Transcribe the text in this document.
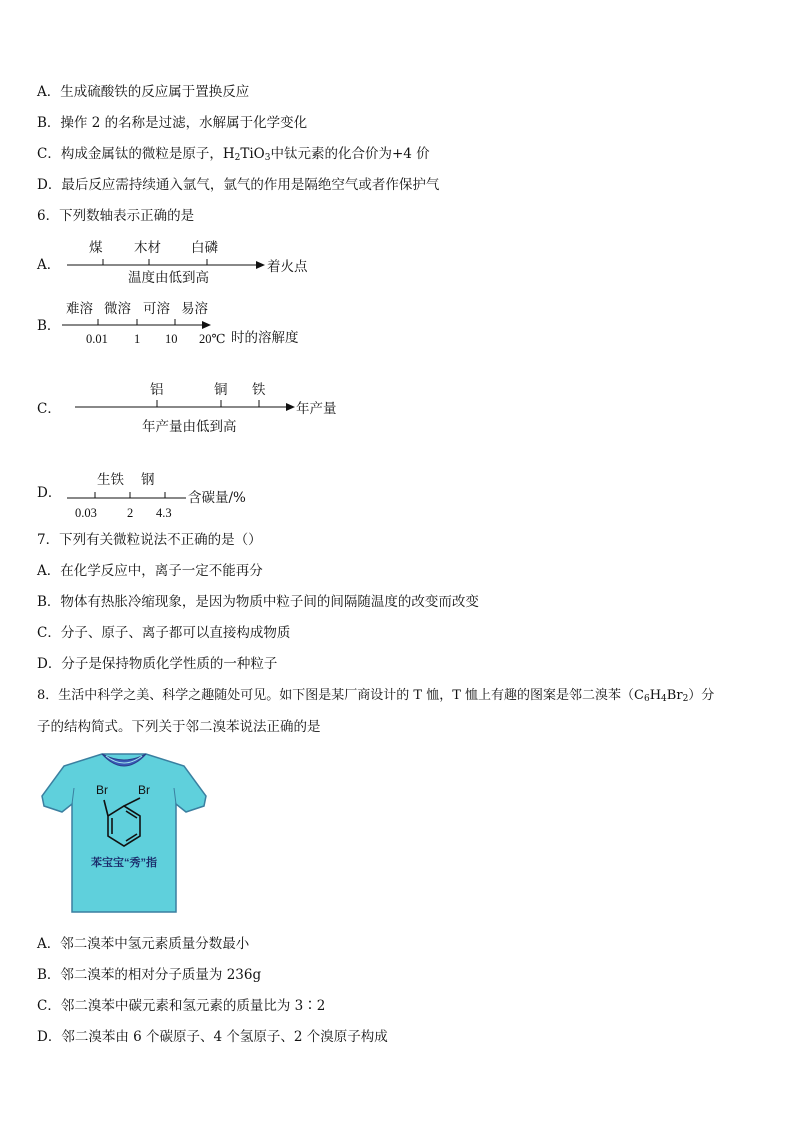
A．生成硫酸铁的反应属于置换反应
B．操作 2 的名称是过滤，水解属于化学变化
C．构成金属钛的微粒是原子，$H_2TiO_3$中钛元素的化合价为+4 价
D．最后反应需持续通入氩气，氩气的作用是隔绝空气或者作保护气
6．下列数轴表示正确的是
A．
煤 木材 白磷
温度由低到高
着火点
B．
难溶 微溶 可溶 易溶
0.01 1 10 20℃ 时的溶解度
C．
铝	铜 铁
年产量
年产量由低到高
D．
生铁 钢
含碳量/%
0.03 2 4.3
7．下列有关微粒说法不正确的是（）
A．在化学反应中，离子一定不能再分
B．物体有热胀冷缩现象，是因为物质中粒子间的间隔随温度的改变而改变
C．分子、原子、离子都可以直接构成物质
D．分子是保持物质化学性质的一种粒子
8．生活中科学之美、科学之趣随处可见。如下图是某厂商设计的 T 恤，T 恤上有趣的图案是邻二溴苯$(C_6H_4Br_2)$分
子的结构简式。下列关于邻二溴苯说法正确的是
Br	Br
苯宝宝“秀”指
A．邻二溴苯中氢元素质量分数最小
B．邻二溴苯的相对分子质量为 236g
C．邻二溴苯中碳元素和氢元素的质量比为 3∶2
D．邻二溴苯由 6 个碳原子、4 个氢原子、2 个溴原子构成
